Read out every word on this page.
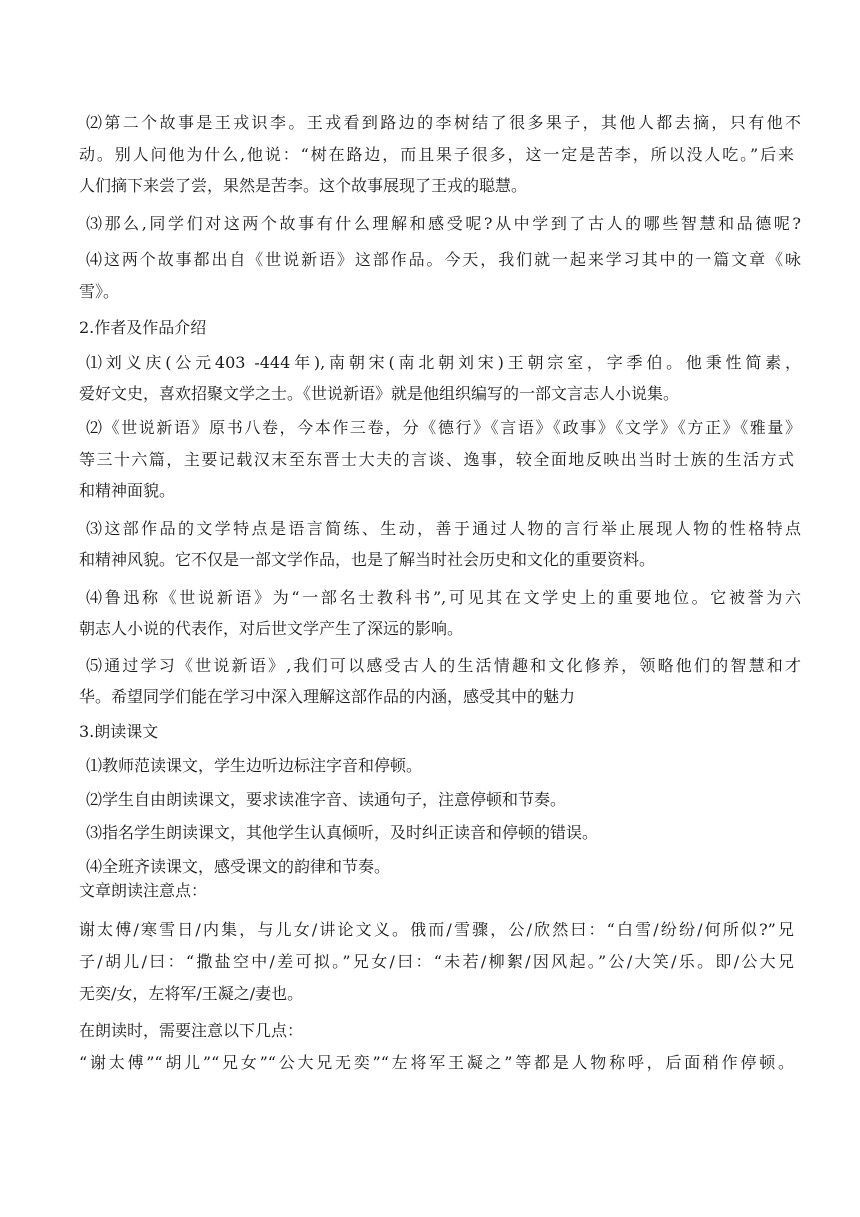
⑵第二个故事是王戎识李。王戎看到路边的李树结了很多果子，其他人都去摘，只有他不
动。别人问他为什么,他说：“树在路边，而且果子很多，这一定是苦李，所以没人吃。”后来
人们摘下来尝了尝，果然是苦李。这个故事展现了王戎的聪慧。
⑶那么,同学们对这两个故事有什么理解和感受呢?从中学到了古人的哪些智慧和品德呢?
⑷这两个故事都出自《世说新语》这部作品。今天，我们就一起来学习其中的一篇文章《咏
雪》。
2.作者及作品介绍
⑴刘义庆(公元403 -444年),南朝宋(南北朝刘宋)王朝宗室，字季伯。他秉性简素，
爱好文史，喜欢招聚文学之士。《世说新语》就是他组织编写的一部文言志人小说集。
⑵《世说新语》原书八卷，今本作三卷，分《德行》《言语》《政事》《文学》《方正》《雅量》
等三十六篇，主要记载汉末至东晋士大夫的言谈、逸事，较全面地反映出当时士族的生活方式
和精神面貌。
⑶这部作品的文学特点是语言简练、生动，善于通过人物的言行举止展现人物的性格特点
和精神风貌。它不仅是一部文学作品，也是了解当时社会历史和文化的重要资料。
⑷鲁迅称《世说新语》为“一部名士教科书”,可见其在文学史上的重要地位。它被誉为六
朝志人小说的代表作，对后世文学产生了深远的影响。
⑸通过学习《世说新语》,我们可以感受古人的生活情趣和文化修养，领略他们的智慧和才
华。希望同学们能在学习中深入理解这部作品的内涵，感受其中的魅力
3.朗读课文
⑴教师范读课文，学生边听边标注字音和停顿。
⑵学生自由朗读课文，要求读准字音、读通句子，注意停顿和节奏。
⑶指名学生朗读课文，其他学生认真倾听，及时纠正读音和停顿的错误。
⑷全班齐读课文，感受课文的韵律和节奏。
文章朗读注意点：
谢太傅/寒雪日/内集，与儿女/讲论文义。俄而/雪骤，公/欣然曰：“白雪/纷纷/何所似?”兄
子/胡儿/曰：“撒盐空中/差可拟。”兄女/曰：“未若/柳絮/因风起。”公/大笑/乐。即/公大兄
无奕/女，左将军/王凝之/妻也。
在朗读时，需要注意以下几点：
“谢太傅”“胡儿”“兄女”“公大兄无奕”“左将军王凝之”等都是人物称呼，后面稍作停顿。
